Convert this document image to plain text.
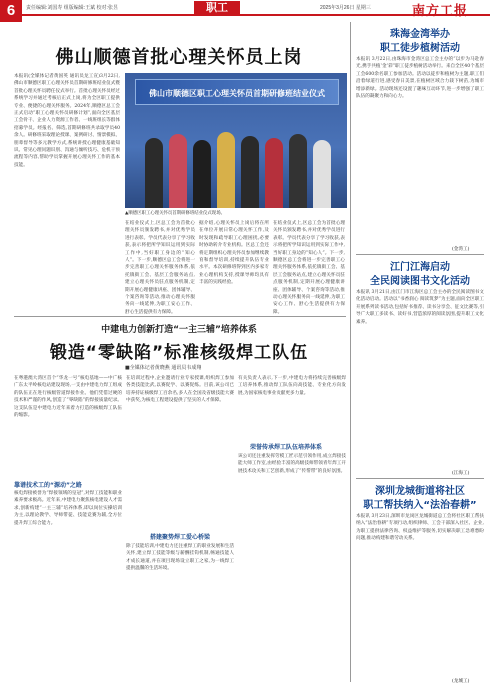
6	责任编辑:刘国寿 组版编辑:王斌 校对:张昱	职工	2025年3月26日 星期三	南方工报
佛山顺德首批心理关怀员上岗
本报讯(全媒体记者黄国英 通讯员龙工宣)3月22日,佛山市顺德区职工心理关怀员首期研修班结业仪式暨首批心理关怀员聘任仪式举行。首批心理关怀员经过系统学习并通过考核后正式上岗,将为全区职工提供专业、便捷的心理关怀服务。2024年,顺德区总工会正式启动“职工心理关怀员研修计划”,面向全区基层工会骨干、企业人力资源工作者、一线班组长等群体招募学员。经报名、筛选,首期研修班共录取学员40余人。研修班采取理论授课、案例研讨、情景模拟、朋辈督导等多元教学方式,系统讲授心理健康基础知识、常见心理问题识别、沟通与倾听技巧、危机干预流程等内容,帮助学员掌握开展心理关怀工作的基本技能。
佛山市顺德区职工心理关怀员首期研修班结业仪式
▲顺德区职工心理关怀员首期研修班结业仪式现场。
在结业仪式上,区总工会为首批心理关怀员颁发聘书,并对优秀学员进行表彰。学员代表分享了学习收获,表示将把所学知识运用到实际工作中,当好职工身边的“知心人”。下一步,顺德区总工会将进一步完善职工心理关怀服务体系,依托镇街工会、基层工会服务站点,建立心理关怀员驻点服务机制,定期开展心理健康讲座、团体辅导、个案咨询等活动,推动心理关怀服务向一线延伸,为职工安心工作、舒心生活提供有力保障。
据介绍,心理关怀员上岗后将在所在单位开展日常心理关怀工作,及时发现和疏导职工心理困扰,必要时协助转介专业机构。区总工会还将定期组织心理关怀员参加继续教育和督导培训,持续提升队伍专业水平。本次研修班得到区内多家专业心理机构支持,授课导师均具有丰富的实践经验。
在结业仪式上,区总工会为首批心理关怀员颁发聘书,并对优秀学员进行表彰。学员代表分享了学习收获,表示将把所学知识运用到实际工作中,当好职工身边的“知心人”。下一步,顺德区总工会将进一步完善职工心理关怀服务体系,依托镇街工会、基层工会服务站点,建立心理关怀员驻点服务机制,定期开展心理健康讲座、团体辅导、个案咨询等活动,推动心理关怀服务向一线延伸,为职工安心工作、舒心生活提供有力保障。
中建电力创新打造“一主三辅”培养体系
锻造“零缺陷”标准核级焊工队伍
■全媒体记者黄晓燕 通讯员韦成翔
在粤港澳大湾区首个“华龙一号”核电基地——中广核广东太平岭核电站建设现场,一支由中建电力焊工组成的队伍正在进行核级管道焊接作业。他们凭借过硬的技术和严谨的作风,创造了“零缺陷”的焊接质量纪录。这支队伍是中建电力近年来着力打造的核级焊工队伍的缩影。
靠谱技术工的“源动”之路
核电焊接被誉为“焊接领域的皇冠”,对焊工技能和职业素养要求极高。近年来,中建电力聚焦核电建设人才需求,创新构建“一主三辅”培养体系,即以岗位实操培训为主,以理论教学、导师带徒、技能竞赛为辅,全方位提升焊工综合能力。
在培训过程中,企业邀请行业专家授课,组织焊工参加各类技能比武,以赛促学、以赛促练。目前,该公司已培养持证核级焊工百余名,多人在全国及省级技能大赛中获奖,为核电工程建设提供了坚实的人才保障。
搭建聚势焊工爱心桥梁
除了技能培训,中建电力还注重焊工的职业发展和生活关怀,建立焊工技能等级与薪酬挂钩机制,畅通技能人才成长通道,并在项目现场设立职工之家,为一线焊工提供温馨的生活环境。
有关负责人表示,下一步,中建电力将持续完善核级焊工培养体系,推动焊工队伍向高技能、专业化方向发展,为国家核电事业贡献更多力量。
荣誉传承焊工队伍培养体系
该公司还注重发挥劳模工匠示范引领作用,成立焊接技能大师工作室,由经验丰富的高级技师带领青年焊工开展技术攻关和工艺创新,形成了“传帮带”的良好氛围。
珠海金湾举办
职工徒步植树活动
本报讯 3月22日,由珠海市金湾区总工会主办的“以步为马赴春光,携手共植‘金’彩”职工徒步植树活动举行。来自全区40个基层工会600余名职工参加活动。活动以徒步和植树为主题,职工们沿着绿道行进,感受春日美景,在植树区域合力栽下树苗,为城市增添新绿。活动现场还设置了趣味互动环节,进一步增强了职工队伍的凝聚力和向心力。
(金湾工)
江门江海启动
全民阅读图书文化活动
本报讯 3月21日,由江门市江海区总工会主办的全民阅读图书文化活动启动。活动以“书香润心 阅读筑梦”为主题,面向全区职工开展系列读书活动,包括好书推荐、读书分享会、征文比赛等,引导广大职工多读书、读好书,营造浓厚的阅读氛围,提升职工文化素养。
(江海工)
深圳龙城街道将社区
职工帮扶纳入“法治春耕”
本报讯 3月23日,深圳市龙岗区龙城街道总工会将社区职工帮扶纳入“法治春耕”专项行动,组织律师、工会干部深入社区、企业,为职工提供法律咨询、权益维护等服务,切实解决职工急难愁盼问题,推动构建和谐劳动关系。
(龙城工)
